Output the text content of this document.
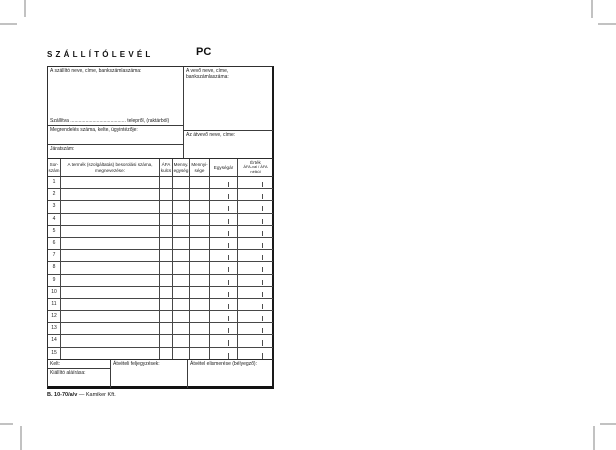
SZÁLLÍTÓLEVÉL	PC
A szállító neve, címe, bankszámlaszáma:
Szállítva ........................................ telepről, (raktárból)
A vevő neve, címe, bankszámlaszáma:
Megrendelés száma, kelte, ügyintézője:
Az átvevő neve, címe:
Járatszám:
Sor-
szám
A termék (szolgáltatás) besorolási száma, megnevezése:
ÁFA
kulcs
Menny.
egység
Mennyi-
sége
Egységár
Érték
ÁFA-val / ÁFA nélkül
1
2
3
4
5
6
7
8
9
10
11
12
13
14
15
Kelt:
Kiállító aláírása:
Átvételi feljegyzések:	Átvétel elismerése (bélyegző):
B. 10-70/a/v — Kamiker Kft.
